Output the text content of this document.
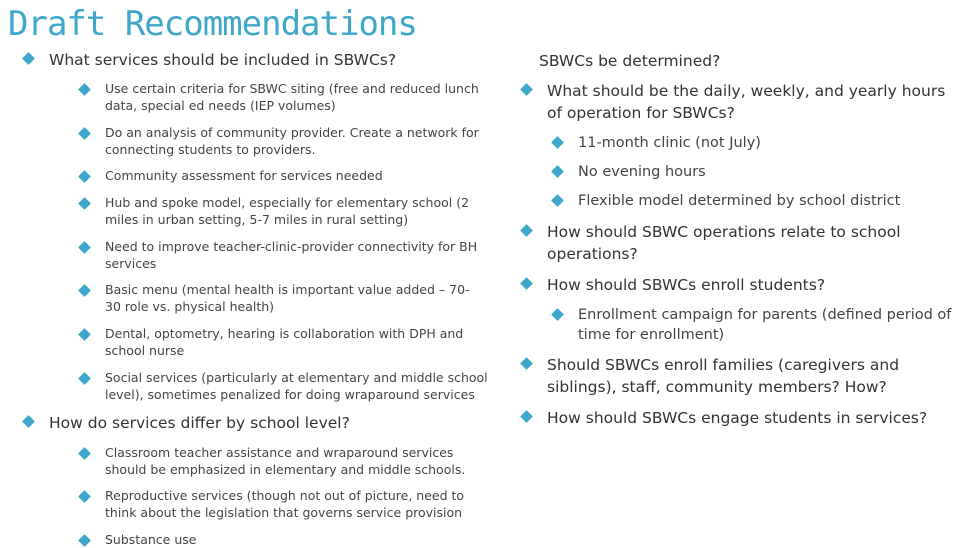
Draft Recommendations
What services should be included in SBWCs?
Use certain criteria for SBWC siting (free and reduced lunch data, special ed needs (IEP volumes)
Do an analysis of community provider. Create a network for connecting students to providers.
Community assessment for services needed
Hub and spoke model, especially for elementary school (2 miles in urban setting, 5-7 miles in rural setting)
Need to improve teacher-clinic-provider connectivity for BH services
Basic menu (mental health is important value added – 70-30 role vs. physical health)
Dental, optometry, hearing is collaboration with DPH and school nurse
Social services (particularly at elementary and middle school level), sometimes penalized for doing wraparound services
How do services differ by school level?
Classroom teacher assistance and wraparound services should be emphasized in elementary and middle schools.
Reproductive services (though not out of picture, need to think about the legislation that governs service provision
Substance use
SBWCs be determined?
What should be the daily, weekly, and yearly hours of operation for SBWCs?
11-month clinic (not July)
No evening hours
Flexible model determined by school district
How should SBWC operations relate to school operations?
How should SBWCs enroll students?
Enrollment campaign for parents (defined period of time for enrollment)
Should SBWCs enroll families (caregivers and siblings), staff, community members? How?
How should SBWCs engage students in services?
